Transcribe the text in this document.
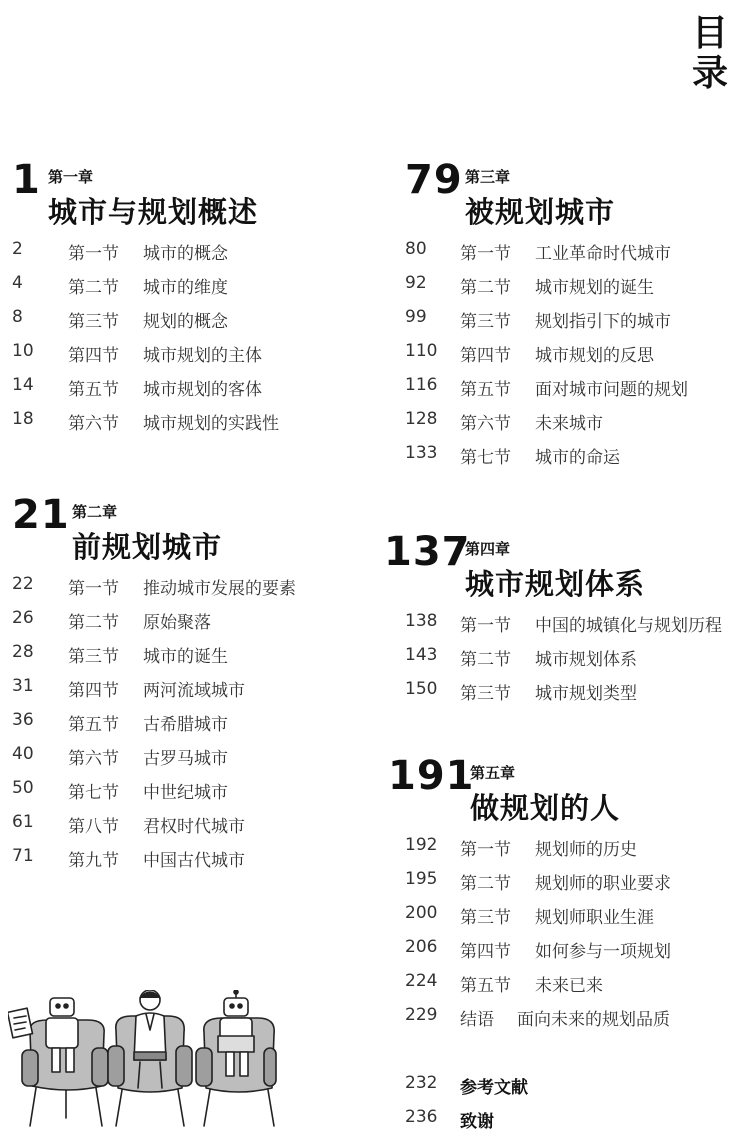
目
录
1 第一章
城市与规划概述
2	第一节 城市的概念
4	第二节 城市的维度
8	第三节 规划的概念
10 第四节 城市规划的主体
14 第五节 城市规划的客体
18 第六节 城市规划的实践性
21 第二章
前规划城市
22 第一节 推动城市发展的要素
26 第二节 原始聚落
28 第三节 城市的诞生
31 第四节 两河流域城市
36 第五节 古希腊城市
40 第六节 古罗马城市
50 第七节 中世纪城市
61 第八节 君权时代城市
71 第九节 中国古代城市
79 第三章
被规划城市
80 第一节 工业革命时代城市
92 第二节 城市规划的诞生
99 第三节 规划指引下的城市
110 第四节 城市规划的反思
116 第五节 面对城市问题的规划
128 第六节 未来城市
133 第七节 城市的命运
137
第四章
城市规划体系
138 第一节 中国的城镇化与规划历程
143 第二节 城市规划体系
150 第三节 城市规划类型
191
第五章
做规划的人
192 第一节 规划师的历史
195 第二节 规划师的职业要求
200 第三节 规划师职业生涯
206 第四节 如何参与一项规划
224 第五节 未来已来
229 结语 面向未来的规划品质
232 参考文献
236 致谢
